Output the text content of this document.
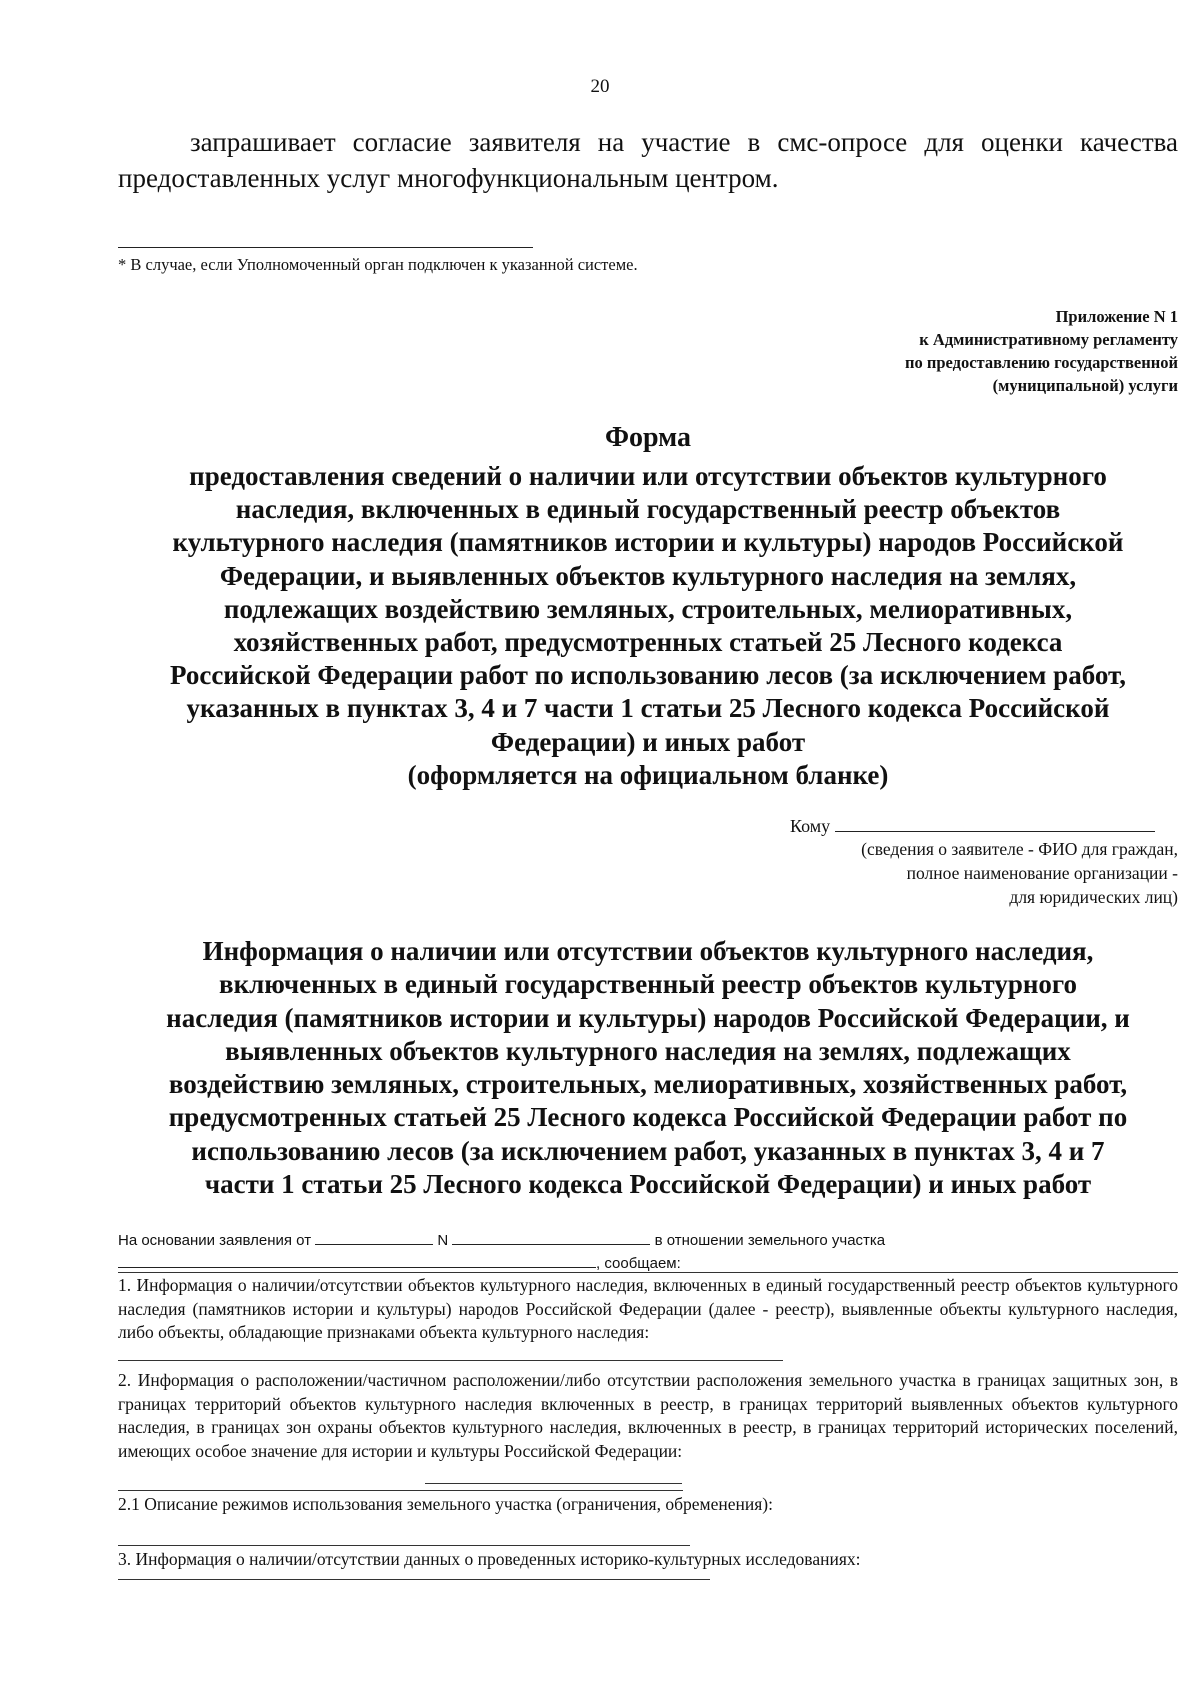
20
запрашивает согласие заявителя на участие в смс-опросе для оценки качества предоставленных услуг многофункциональным центром.
* В случае, если Уполномоченный орган подключен к указанной системе.
Приложение N 1
к Административному регламенту
по предоставлению государственной
(муниципальной) услуги
Форма
предоставления сведений о наличии или отсутствии объектов культурного
наследия, включенных в единый государственный реестр объектов
культурного наследия (памятников истории и культуры) народов Российской
Федерации, и выявленных объектов культурного наследия на землях,
подлежащих воздействию земляных, строительных, мелиоративных,
хозяйственных работ, предусмотренных статьей 25 Лесного кодекса
Российской Федерации работ по использованию лесов (за исключением работ,
указанных в пунктах 3, 4 и 7 части 1 статьи 25 Лесного кодекса Российской
Федерации) и иных работ
(оформляется на официальном бланке)
Кому
(сведения о заявителе - ФИО для граждан,
полное наименование организации -
для юридических лиц)
Информация о наличии или отсутствии объектов культурного наследия,
включенных в единый государственный реестр объектов культурного
наследия (памятников истории и культуры) народов Российской Федерации, и
выявленных объектов культурного наследия на землях, подлежащих
воздействию земляных, строительных, мелиоративных, хозяйственных работ,
предусмотренных статьей 25 Лесного кодекса Российской Федерации работ по
использованию лесов (за исключением работ, указанных в пунктах 3, 4 и 7
части 1 статьи 25 Лесного кодекса Российской Федерации) и иных работ
На основании заявления от	N	в отношении земельного участка
, сообщаем:
1. Информация о наличии/отсутствии объектов культурного наследия, включенных в единый государственный реестр объектов культурного наследия (памятников истории и культуры) народов Российской Федерации (далее - реестр), выявленные объекты культурного наследия, либо объекты, обладающие признаками объекта культурного наследия:
2. Информация о расположении/частичном расположении/либо отсутствии расположения земельного участка в границах защитных зон, в границах территорий объектов культурного наследия включенных в реестр, в границах территорий выявленных объектов культурного наследия, в границах зон охраны объектов культурного наследия, включенных в реестр, в границах территорий исторических поселений, имеющих особое значение для истории и культуры Российской Федерации:
2.1 Описание режимов использования земельного участка (ограничения, обременения):
3. Информация о наличии/отсутствии данных о проведенных историко-культурных исследованиях:
